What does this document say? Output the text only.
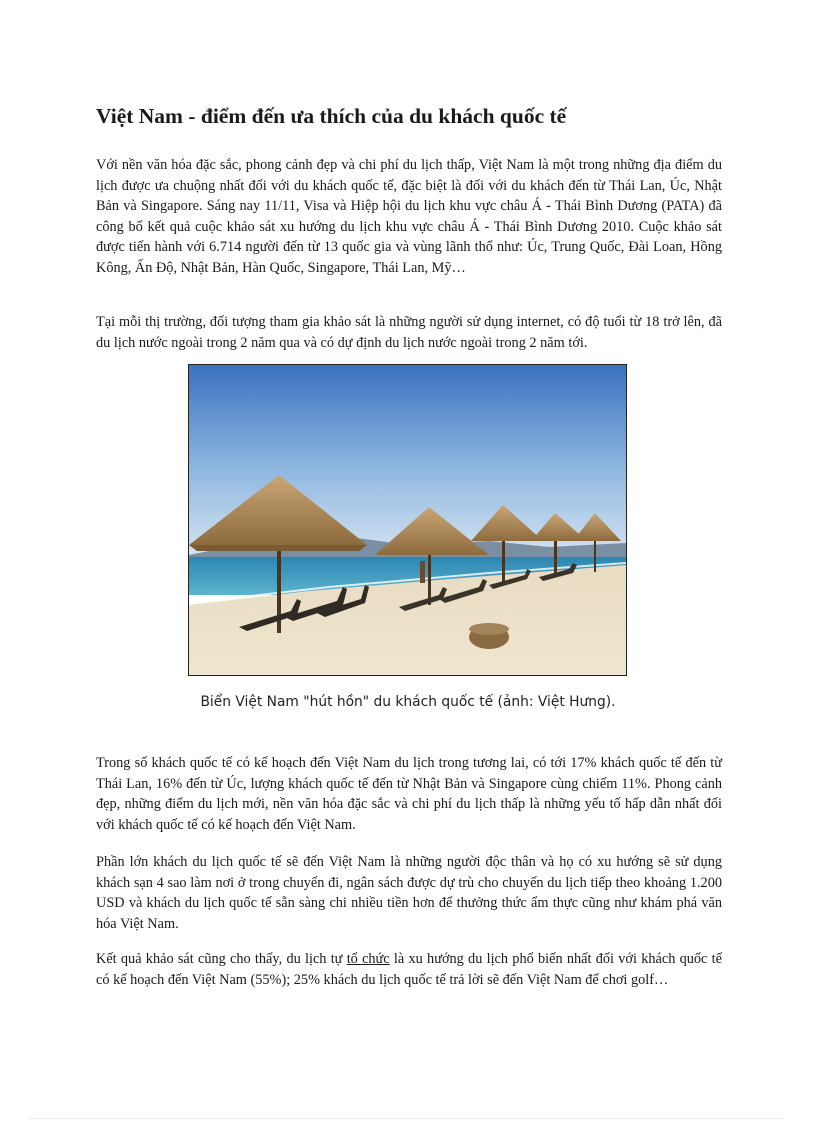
Việt Nam - điểm đến ưa thích của du khách quốc tế

Với nền văn hóa đặc sắc, phong cảnh đẹp và chi phí du lịch thấp, Việt Nam là một trong những địa điểm du lịch được ưa chuộng nhất đối với du khách quốc tế, đặc biệt là đối với du khách đến từ Thái Lan, Úc, Nhật Bản và Singapore. Sáng nay 11/11, Visa và Hiệp hội du lịch khu vực châu Á - Thái Bình Dương (PATA) đã công bố kết quả cuộc khảo sát xu hướng du lịch khu vực châu Á - Thái Bình Dương 2010. Cuộc khảo sát được tiến hành với 6.714 người đến từ 13 quốc gia và vùng lãnh thổ như: Úc, Trung Quốc, Đài Loan, Hồng Kông, Ấn Độ, Nhật Bản, Hàn Quốc, Singapore, Thái Lan, Mỹ…

Tại mỗi thị trường, đối tượng tham gia khảo sát là những người sử dụng internet, có độ tuổi từ 18 trở lên, đã du lịch nước ngoài trong 2 năm qua và có dự định du lịch nước ngoài trong 2 năm tới.

Biển Việt Nam "hút hồn" du khách quốc tế (ảnh: Việt Hưng).

Trong số khách quốc tế có kế hoạch đến Việt Nam du lịch trong tương lai, có tới 17% khách quốc tế đến từ Thái Lan, 16% đến từ Úc, lượng khách quốc tế đến từ Nhật Bản và Singapore cùng chiếm 11%. Phong cảnh đẹp, những điểm du lịch mới, nền văn hóa đặc sắc và chi phí du lịch thấp là những yếu tố hấp dẫn nhất đối với khách quốc tế có kế hoạch đến Việt Nam.

Phần lớn khách du lịch quốc tế sẽ đến Việt Nam là những người độc thân và họ có xu hướng sẽ sử dụng khách sạn 4 sao làm nơi ở trong chuyến đi, ngân sách được dự trù cho chuyến du lịch tiếp theo khoảng 1.200 USD và khách du lịch quốc tế sẵn sàng chi nhiều tiền hơn để thưởng thức ẩm thực cũng như khám phá văn hóa Việt Nam.

Kết quả khảo sát cũng cho thấy, du lịch tự tổ chức là xu hướng du lịch phổ biến nhất đối với khách quốc tế có kế hoạch đến Việt Nam (55%); 25% khách du lịch quốc tế trả lời sẽ đến Việt Nam để chơi golf…
